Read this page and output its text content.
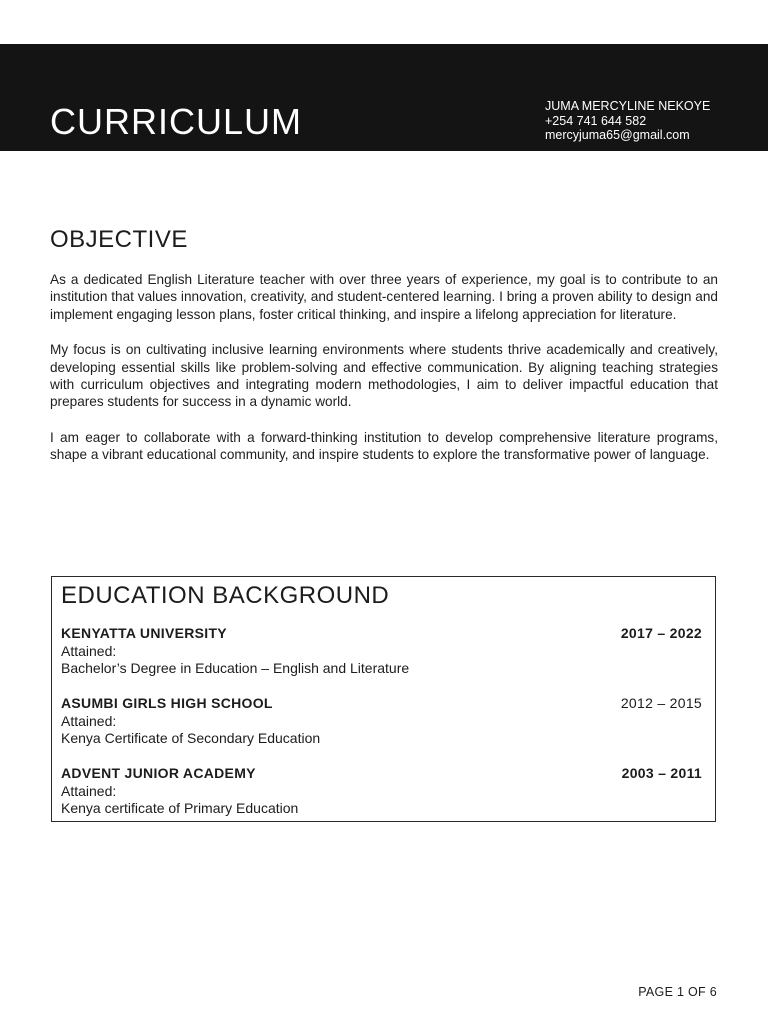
CURRICULUM
VITAE
JUMA MERCYLINE NEKOYE
+254 741 644 582
mercyjuma65@gmail.com
OBJECTIVE

As a dedicated English Literature teacher with over three years of experience, my goal is to contribute to an institution that values innovation, creativity, and student-centered learning. I bring a proven ability to design and implement engaging lesson plans, foster critical thinking, and inspire a lifelong appreciation for literature.

My focus is on cultivating inclusive learning environments where students thrive academically and creatively, developing essential skills like problem-solving and effective communication. By aligning teaching strategies with curriculum objectives and integrating modern methodologies, I aim to deliver impactful education that prepares students for success in a dynamic world.

I am eager to collaborate with a forward-thinking institution to develop comprehensive literature programs, shape a vibrant educational community, and inspire students to explore the transformative power of language.

EDUCATION BACKGROUND
KENYATTA UNIVERSITY	2017 – 2022
Attained:
Bachelor’s Degree in Education – English and Literature
ASUMBI GIRLS HIGH SCHOOL	2012 – 2015
Attained:
Kenya Certificate of Secondary Education
ADVENT JUNIOR ACADEMY	2003 – 2011
Attained:
Kenya certificate of Primary Education
PAGE 1 OF 6
